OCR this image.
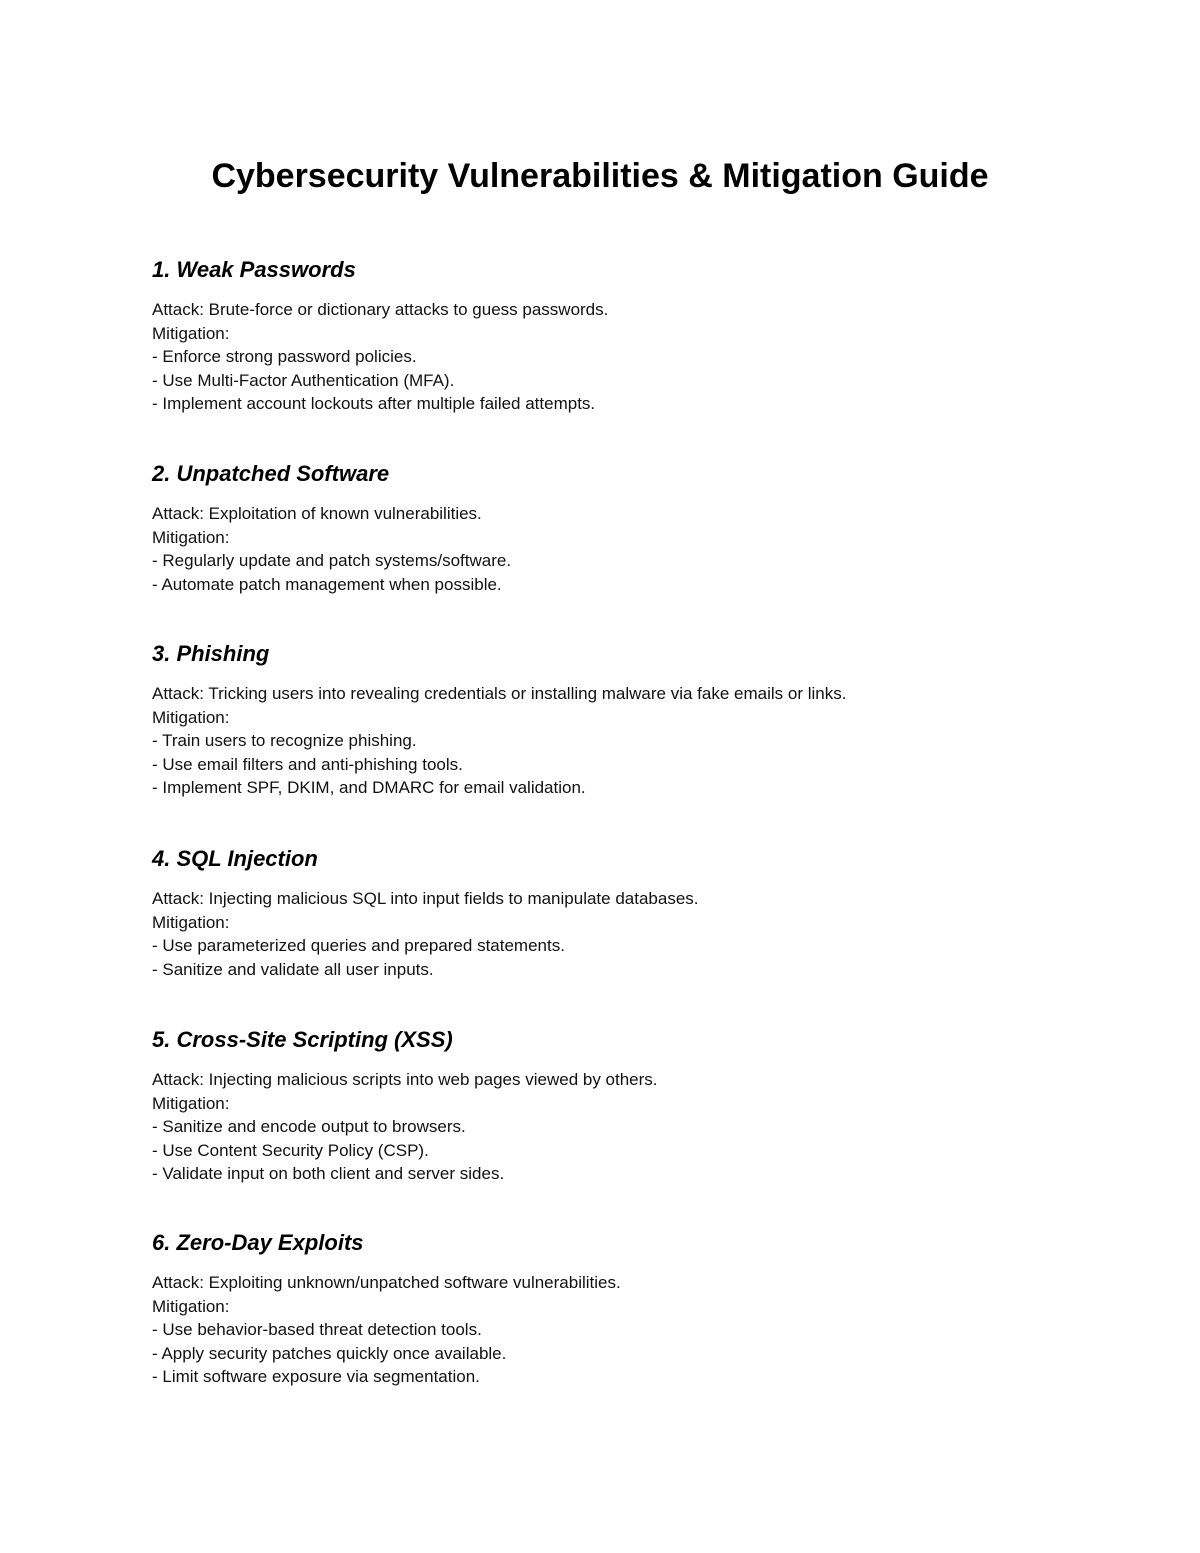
Cybersecurity Vulnerabilities & Mitigation Guide
1. Weak Passwords
Attack: Brute-force or dictionary attacks to guess passwords.
Mitigation:
- Enforce strong password policies.
- Use Multi-Factor Authentication (MFA).
- Implement account lockouts after multiple failed attempts.
2. Unpatched Software
Attack: Exploitation of known vulnerabilities.
Mitigation:
- Regularly update and patch systems/software.
- Automate patch management when possible.
3. Phishing
Attack: Tricking users into revealing credentials or installing malware via fake emails or links.
Mitigation:
- Train users to recognize phishing.
- Use email filters and anti-phishing tools.
- Implement SPF, DKIM, and DMARC for email validation.
4. SQL Injection
Attack: Injecting malicious SQL into input fields to manipulate databases.
Mitigation:
- Use parameterized queries and prepared statements.
- Sanitize and validate all user inputs.
5. Cross-Site Scripting (XSS)
Attack: Injecting malicious scripts into web pages viewed by others.
Mitigation:
- Sanitize and encode output to browsers.
- Use Content Security Policy (CSP).
- Validate input on both client and server sides.
6. Zero-Day Exploits
Attack: Exploiting unknown/unpatched software vulnerabilities.
Mitigation:
- Use behavior-based threat detection tools.
- Apply security patches quickly once available.
- Limit software exposure via segmentation.
